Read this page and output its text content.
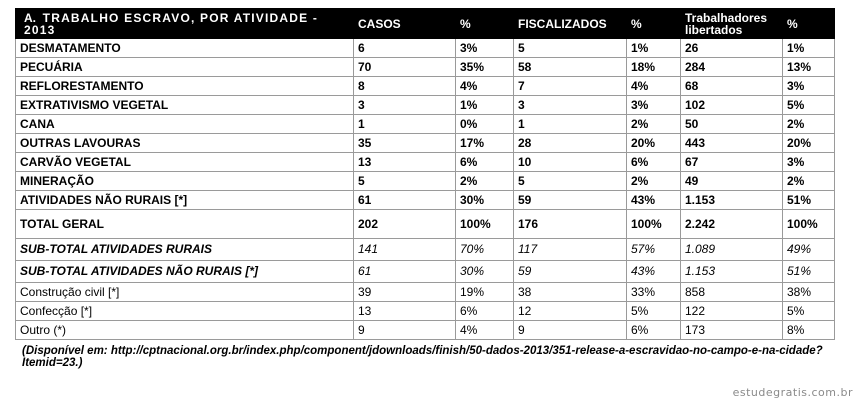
A. TRABALHO ESCRAVO, POR ATIVIDADE - 2013	CASOS	%	FISCALIZADOS	%	Trabalhadores libertados	%
DESMATAMENTO	6	3%	5	1%	26	1%
PECUÁRIA	70	35%	58	18%	284	13%
REFLORESTAMENTO	8	4%	7	4%	68	3%
EXTRATIVISMO VEGETAL	3	1%	3	3%	102	5%
CANA	1	0%	1	2%	50	2%
OUTRAS LAVOURAS	35	17%	28	20%	443	20%
CARVÃO VEGETAL	13	6%	10	6%	67	3%
MINERAÇÃO	5	2%	5	2%	49	2%
ATIVIDADES NÃO RURAIS [*]	61	30%	59	43%	1.153	51%
TOTAL GERAL	202	100%	176	100%	2.242	100%
SUB-TOTAL ATIVIDADES RURAIS	141	70%	117	57%	1.089	49%
SUB-TOTAL ATIVIDADES NÃO RURAIS [*]	61	30%	59	43%	1.153	51%
Construção civil [*]	39	19%	38	33%	858	38%
Confecção [*]	13	6%	12	5%	122	5%
Outro (*)	9	4%	9	6%	173	8%
(Disponível em: http://cptnacional.org.br/index.php/component/jdownloads/finish/50-dados-2013/351-release-a-escravidao-no-campo-e-na-cidade?Itemid=23.)
estudegratis.com.br
